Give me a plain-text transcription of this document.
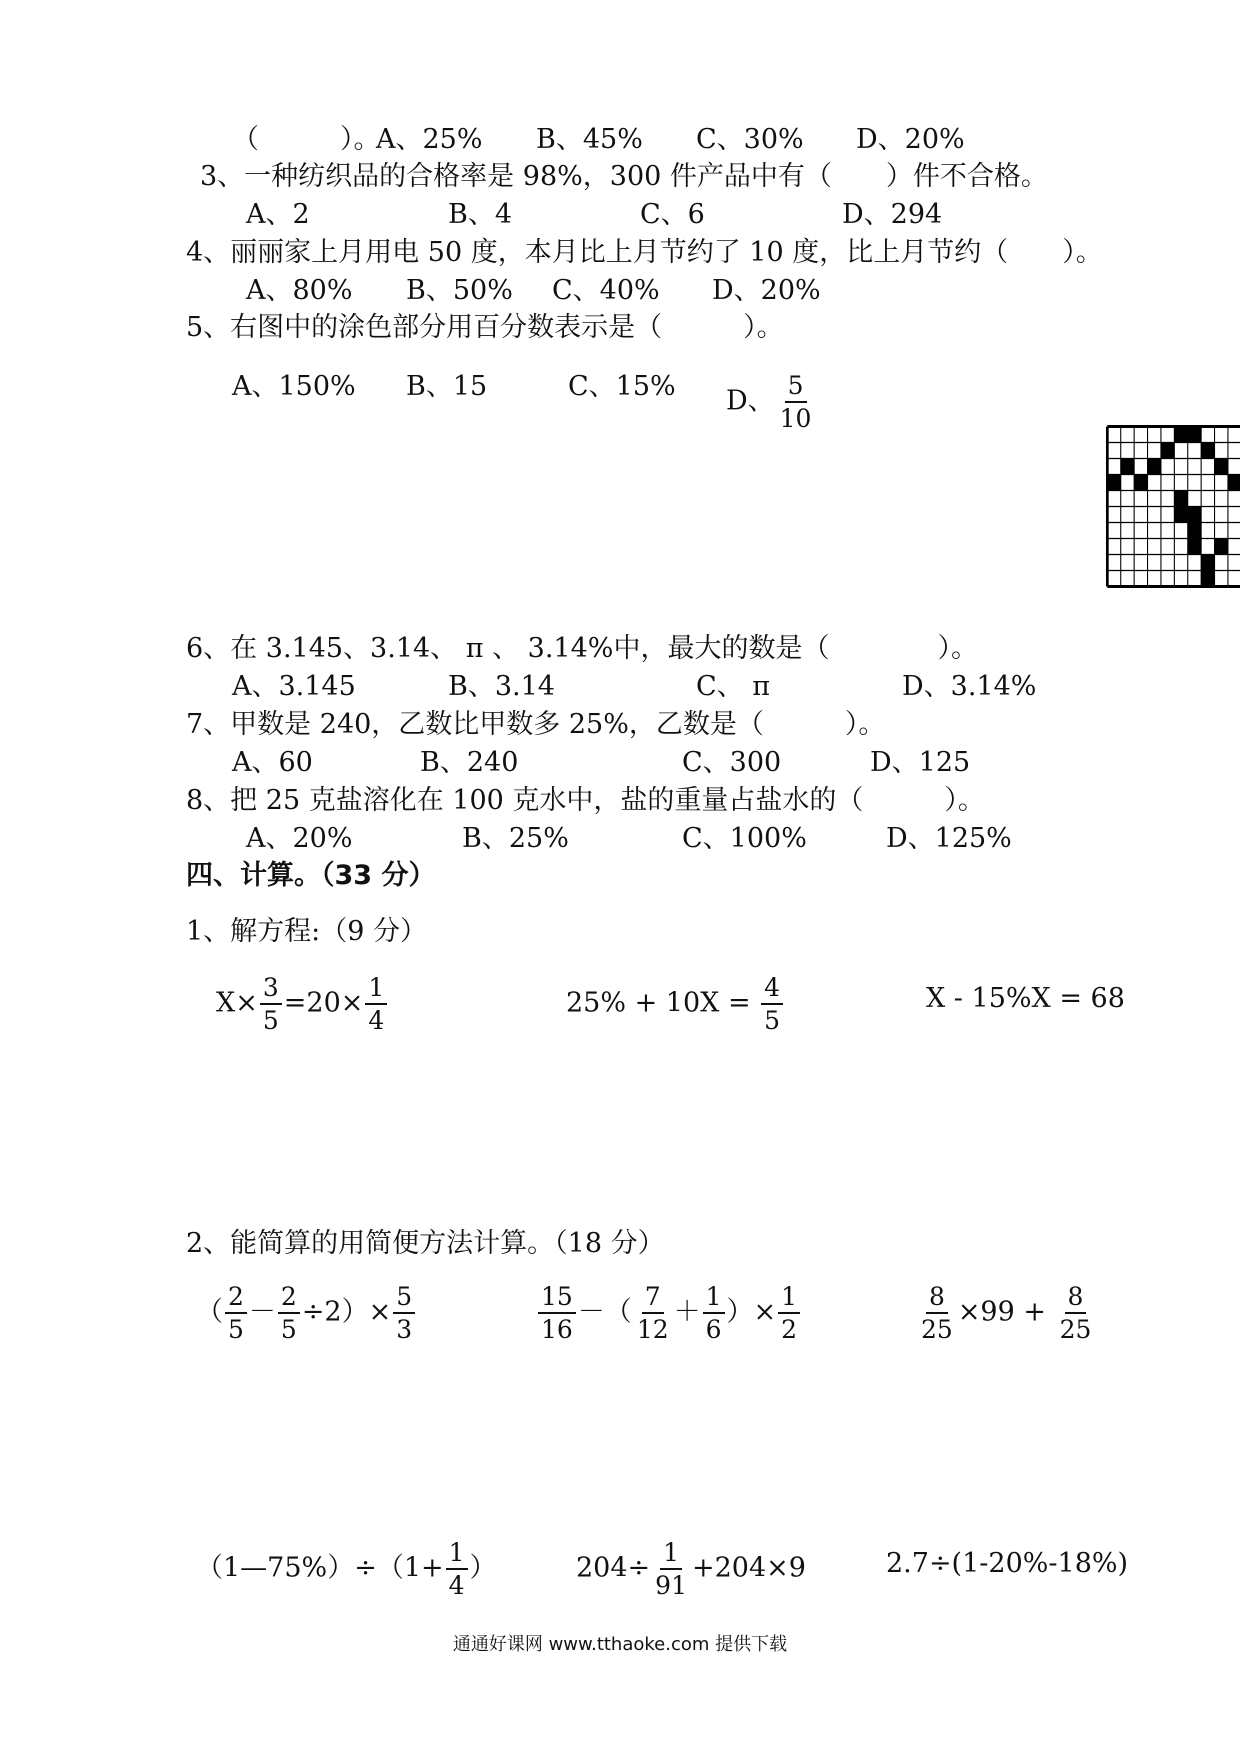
（　　　）。
A、25% B、45% C、30% D、20%
3、一种纺织品的合格率是 98%，300 件产品中有（　　）件不合格。
A、2	B、4	C、6	D、294
4、丽丽家上月用电 50 度，本月比上月节约了 10 度，比上月节约（　　）。
A、80% B、50% C、40% D、20%
5、右图中的涂色部分用百分数表示是（　　　）。
A、150% B、15	C、15% D、 $\frac{5}{10}$
6、在 3.145、3.14、 π 、 3.14%中，最大的数是（　　　　）。
A、3.145	B、3.14	C、 π	D、3.14%
7、甲数是 240，乙数比甲数多 25%，乙数是（　　　）。
A、60	B、240	C、300	D、125
8、把 25 克盐溶化在 100 克水中，盐的重量占盐水的（　　　）。
A、20%	B、25%	C、100%	D、125%
四、计算。（33 分）
1、解方程:（9 分）
$X\times \frac{3}{5} =20\times \frac{1}{4}$	$25\% + 10X = \frac{4}{5}$	X - 15%X = 68
2、能简算的用简便方法计算。（18 分）
（ $\frac{2}{5} - \frac{2}{5} \div 2)\times \frac{5}{3}$	$\frac{15}{16}$ －（ $\frac{7}{12} + \frac{1}{6}$ ）× $\frac{1}{2}$	$\frac{8}{25} \times 99 + \frac{8}{25}$
（1—75%）÷（1+ $\frac{1}{4}$ ）	$204\div \frac{1}{91} +204\times 9$	2.7÷(1-20%-18%)
通通好课网 www.tthaoke.com 提供下载
